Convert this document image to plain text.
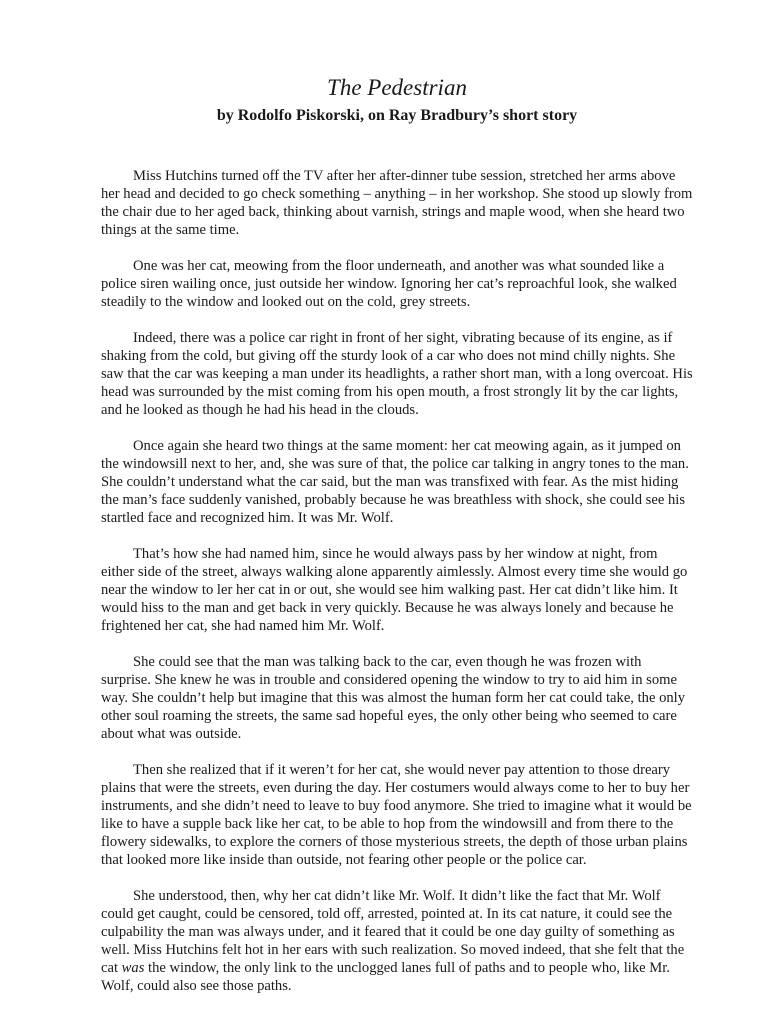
The Pedestrian
by Rodolfo Piskorski, on Ray Bradbury’s short story

Miss Hutchins turned off the TV after her after-dinner tube session, stretched her arms above her head and decided to go check something – anything – in her workshop. She stood up slowly from the chair due to her aged back, thinking about varnish, strings and maple wood, when she heard two things at the same time.

One was her cat, meowing from the floor underneath, and another was what sounded like a police siren wailing once, just outside her window. Ignoring her cat’s reproachful look, she walked steadily to the window and looked out on the cold, grey streets.

Indeed, there was a police car right in front of her sight, vibrating because of its engine, as if shaking from the cold, but giving off the sturdy look of a car who does not mind chilly nights. She saw that the car was keeping a man under its headlights, a rather short man, with a long overcoat. His head was surrounded by the mist coming from his open mouth, a frost strongly lit by the car lights, and he looked as though he had his head in the clouds.

Once again she heard two things at the same moment: her cat meowing again, as it jumped on the windowsill next to her, and, she was sure of that, the police car talking in angry tones to the man. She couldn’t understand what the car said, but the man was transfixed with fear. As the mist hiding the man’s face suddenly vanished, probably because he was breathless with shock, she could see his startled face and recognized him. It was Mr. Wolf.

That’s how she had named him, since he would always pass by her window at night, from either side of the street, always walking alone apparently aimlessly. Almost every time she would go near the window to ler her cat in or out, she would see him walking past. Her cat didn’t like him. It would hiss to the man and get back in very quickly. Because he was always lonely and because he frightened her cat, she had named him Mr. Wolf.

She could see that the man was talking back to the car, even though he was frozen with surprise. She knew he was in trouble and considered opening the window to try to aid him in some way. She couldn’t help but imagine that this was almost the human form her cat could take, the only other soul roaming the streets, the same sad hopeful eyes, the only other being who seemed to care about what was outside.

Then she realized that if it weren’t for her cat, she would never pay attention to those dreary plains that were the streets, even during the day. Her costumers would always come to her to buy her instruments, and she didn’t need to leave to buy food anymore. She tried to imagine what it would be like to have a supple back like her cat, to be able to hop from the windowsill and from there to the flowery sidewalks, to explore the corners of those mysterious streets, the depth of those urban plains that looked more like inside than outside, not fearing other people or the police car.

She understood, then, why her cat didn’t like Mr. Wolf. It didn’t like the fact that Mr. Wolf could get caught, could be censored, told off, arrested, pointed at. In its cat nature, it could see the culpability the man was always under, and it feared that it could be one day guilty of something as well. Miss Hutchins felt hot in her ears with such realization. So moved indeed, that she felt that the cat was the window, the only link to the unclogged lanes full of paths and to people who, like Mr. Wolf, could also see those paths.
